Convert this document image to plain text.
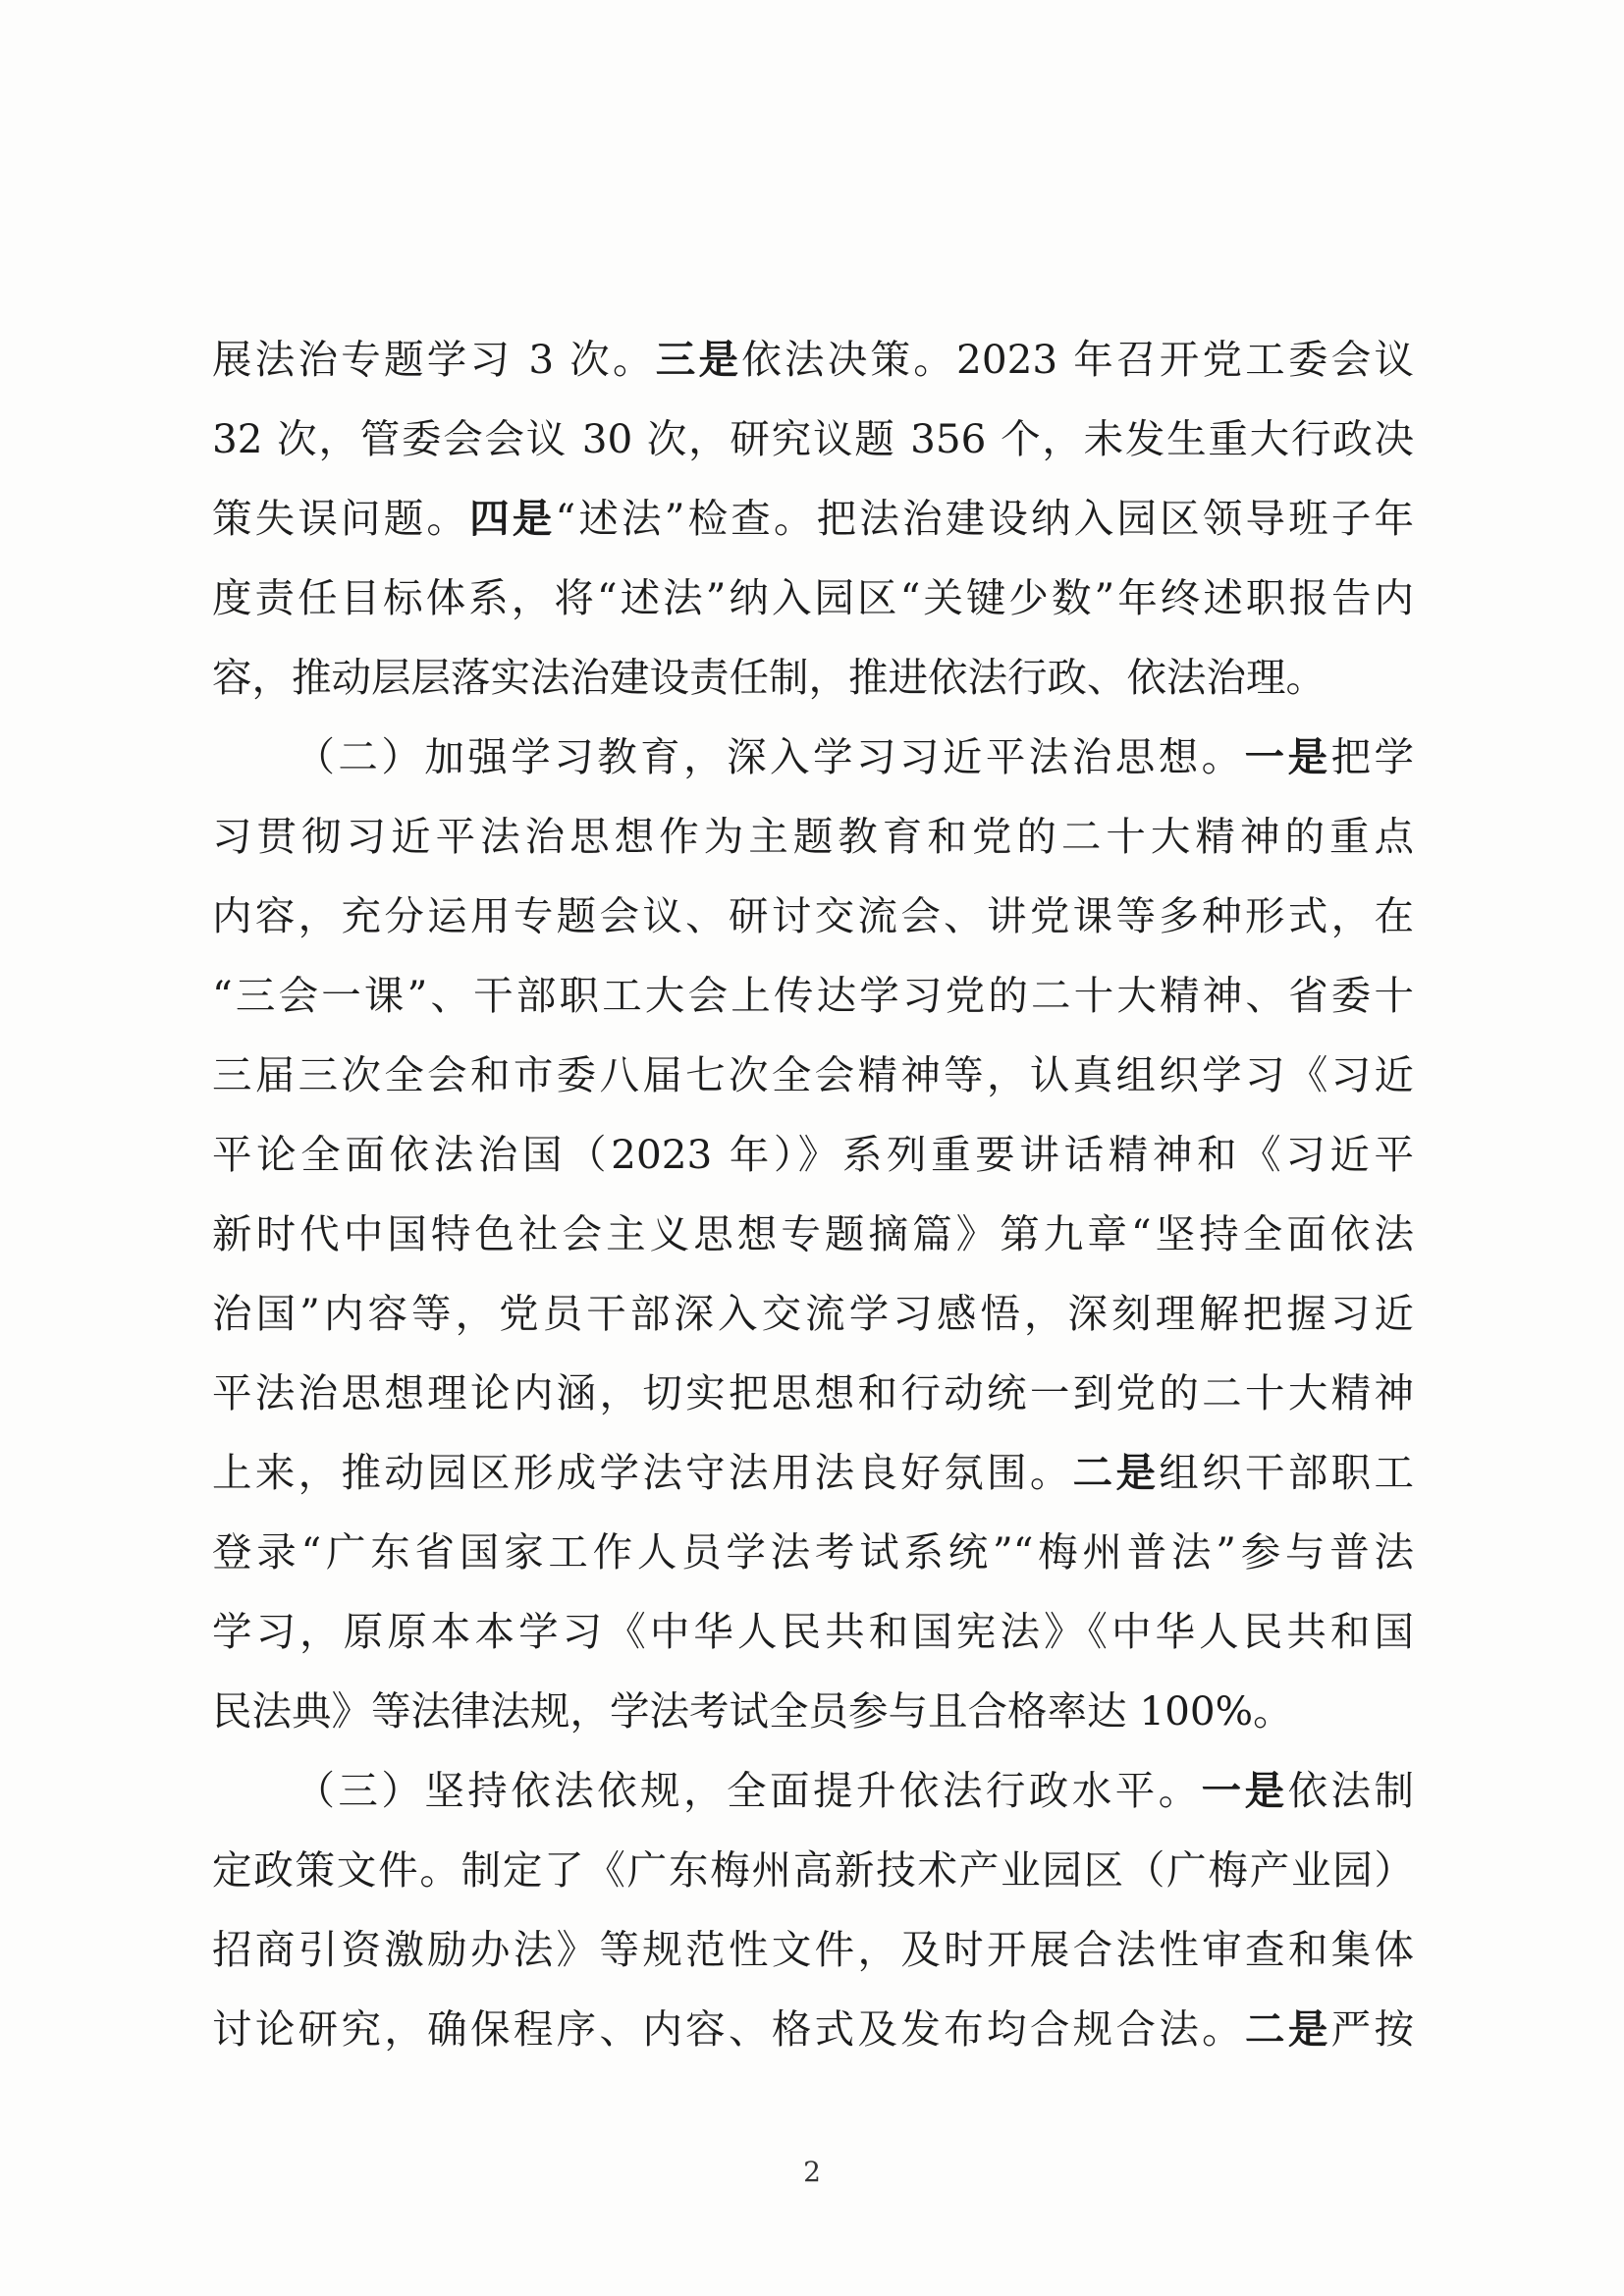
展法治专题学习 3 次。三是依法决策。2023 年召开党工委会议
32 次，管委会会议 30 次，研究议题 356 个，未发生重大行政决
策失误问题。四是“述法”检查。把法治建设纳入园区领导班子年
度责任目标体系，将“述法”纳入园区“关键少数”年终述职报告内
容，推动层层落实法治建设责任制，推进依法行政、依法治理。
（二）加强学习教育，深入学习习近平法治思想。一是把学
习贯彻习近平法治思想作为主题教育和党的二十大精神的重点
内容，充分运用专题会议、研讨交流会、讲党课等多种形式，在
“三会一课”、干部职工大会上传达学习党的二十大精神、省委十
三届三次全会和市委八届七次全会精神等，认真组织学习《习近
平论全面依法治国（2023 年）》系列重要讲话精神和《习近平
新时代中国特色社会主义思想专题摘篇》第九章“坚持全面依法
治国”内容等，党员干部深入交流学习感悟，深刻理解把握习近
平法治思想理论内涵，切实把思想和行动统一到党的二十大精神
上来，推动园区形成学法守法用法良好氛围。二是组织干部职工
登录“广东省国家工作人员学法考试系统”“梅州普法”参与普法
学习，原原本本学习《中华人民共和国宪法》《中华人民共和国
民法典》等法律法规，学法考试全员参与且合格率达 100%。
（三）坚持依法依规，全面提升依法行政水平。一是依法制
定政策文件。制定了《广东梅州高新技术产业园区（广梅产业园）
招商引资激励办法》等规范性文件，及时开展合法性审查和集体
讨论研究，确保程序、内容、格式及发布均合规合法。二是严按
2
